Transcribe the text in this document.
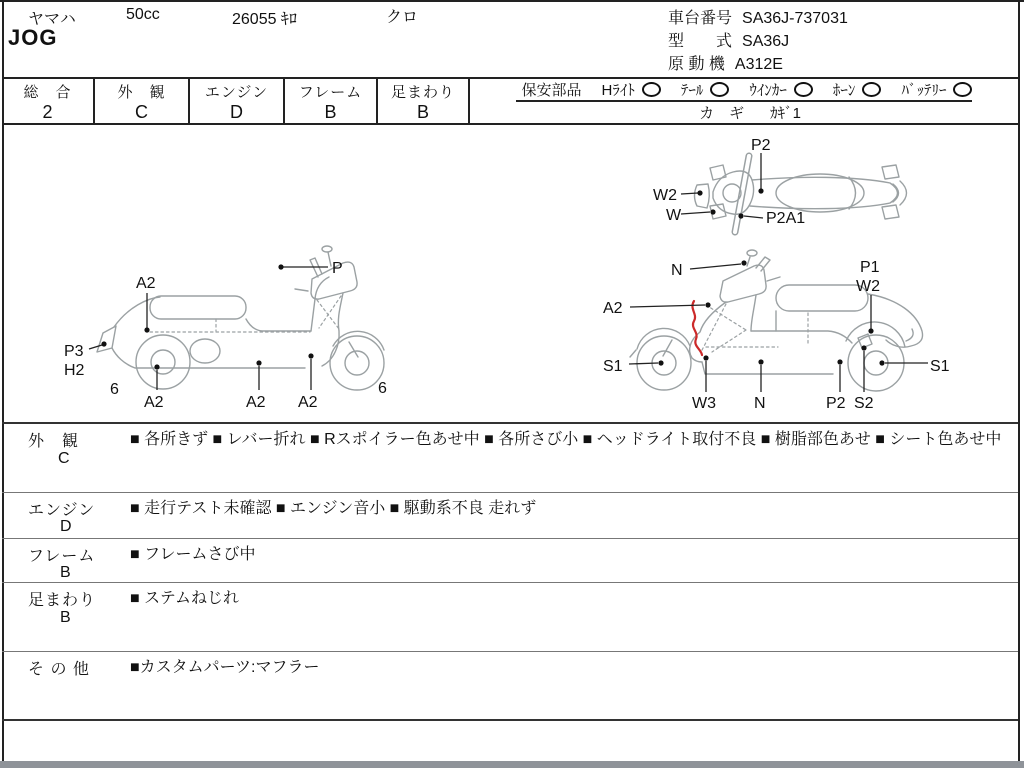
ヤマハ	50cc	26055 ｷﾛ	クロ
JOG
車台番号 SA36J-737031
型　　式 SA36J
原 動 機 A312E
総　合
2
外　観
C
エンジン
D
フレーム
B
足まわり
B
保安部品 Hﾗｲﾄ	ﾃｰﾙ	ｳｲﾝｶｰ	ﾎｰﾝ	ﾊﾞｯﾃﾘｰ
カ　ギ ｶｷﾞ1
P2
W2
W	P2A1
A2
P
P3
H2
6
A2	A2 A2
6
N
A2
P1
W2
S1	S1
W3 N	P2 S2
外　観
C
■ 各所きず ■ レバー折れ ■ Rスポイラー色あせ中 ■ 各所さび小 ■ ヘッドライト取付不良 ■ 樹脂部色あせ ■ シート色あせ中
エンジン
D
■ 走行テスト未確認 ■ エンジン音小 ■ 駆動系不良 走れず
フレーム
B
■ フレームさび中
足まわり
B
■ ステムねじれ
そ の 他	■カスタムパーツ:マフラー
